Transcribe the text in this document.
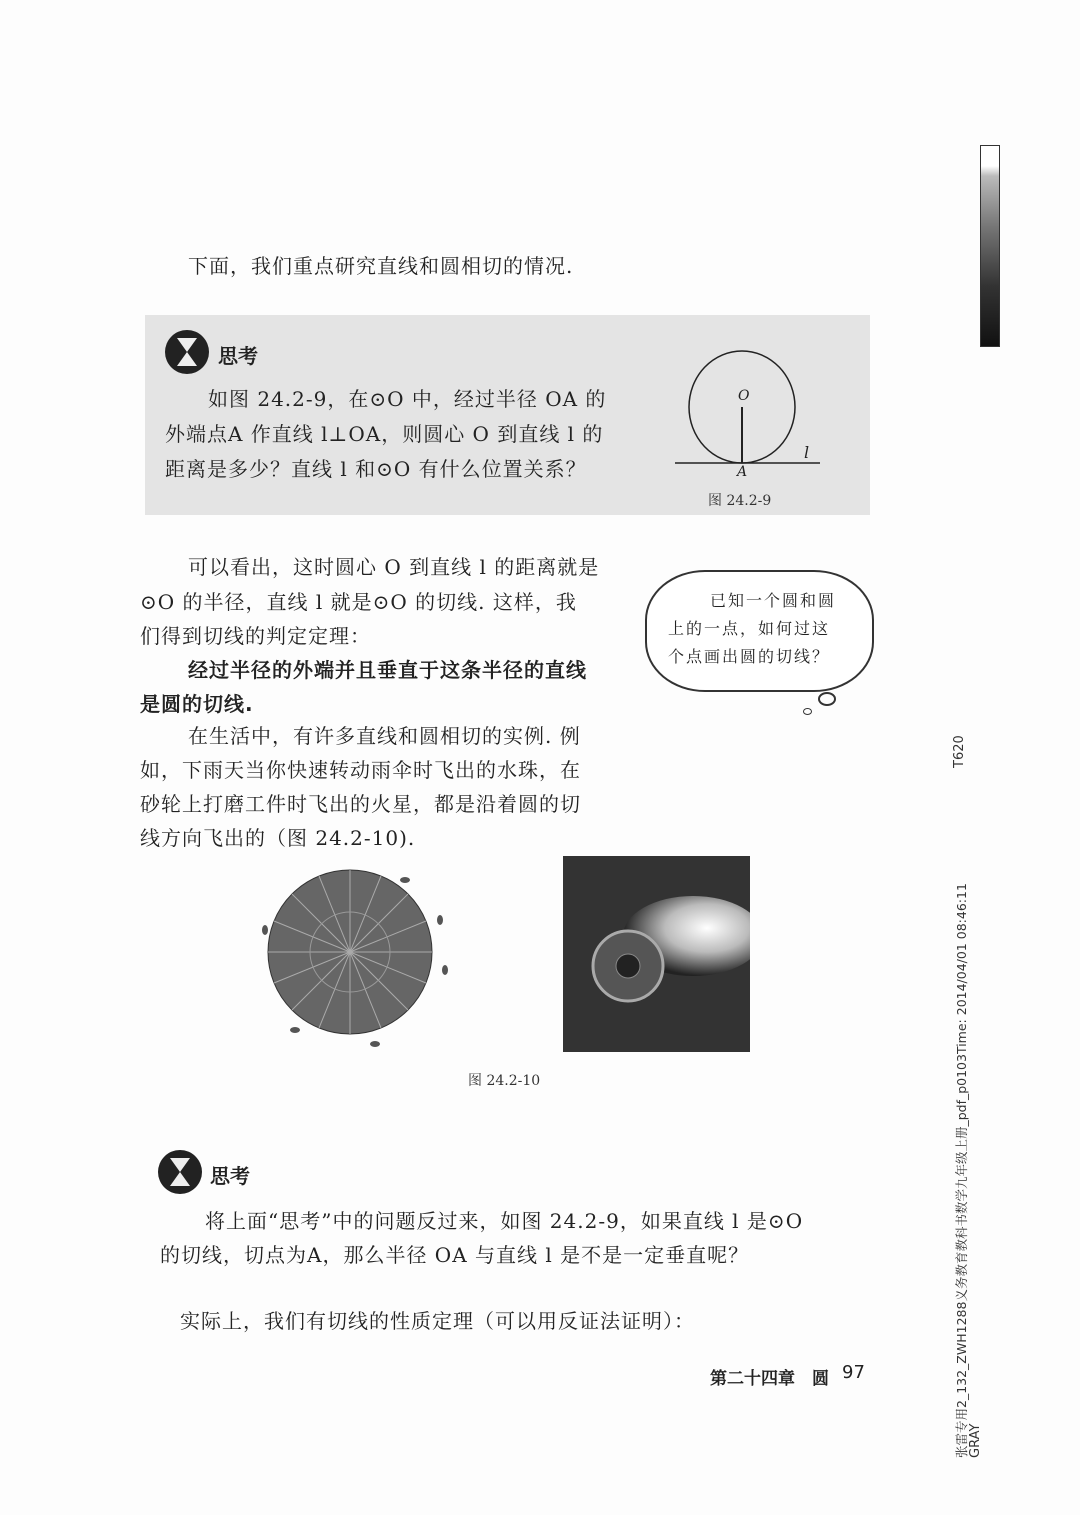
下面，我们重点研究直线和圆相切的情况.
思考
如图 24.2-9，在⊙O 中，经过半径 OA 的
外端点A 作直线 l⊥OA，则圆心 O 到直线 l 的
距离是多少？直线 l 和⊙O 有什么位置关系？
O
A
l
图 24.2-9
可以看出，这时圆心 O 到直线 l 的距离就是
⊙O 的半径，直线 l 就是⊙O 的切线. 这样，我
们得到切线的判定定理：
经过半径的外端并且垂直于这条半径的直线
是圆的切线.
在生活中，有许多直线和圆相切的实例. 例
如，下雨天当你快速转动雨伞时飞出的水珠，在
砂轮上打磨工件时飞出的火星，都是沿着圆的切
线方向飞出的（图 24.2-10).
已知一个圆和圆
上的一点，如何过这
个点画出圆的切线？
图 24.2-10
思考
将上面“思考”中的问题反过来，如图 24.2-9，如果直线 l 是⊙O
的切线，切点为A，那么半径 OA 与直线 l 是不是一定垂直呢？
实际上，我们有切线的性质定理（可以用反证法证明）：
第二十四章　圆 97
T620
张雷专用2_132_ZWH1288义务教育教科书数学九年级上册_pdf_p0103Time: 2014/04/01 08:46:11 GRAY
